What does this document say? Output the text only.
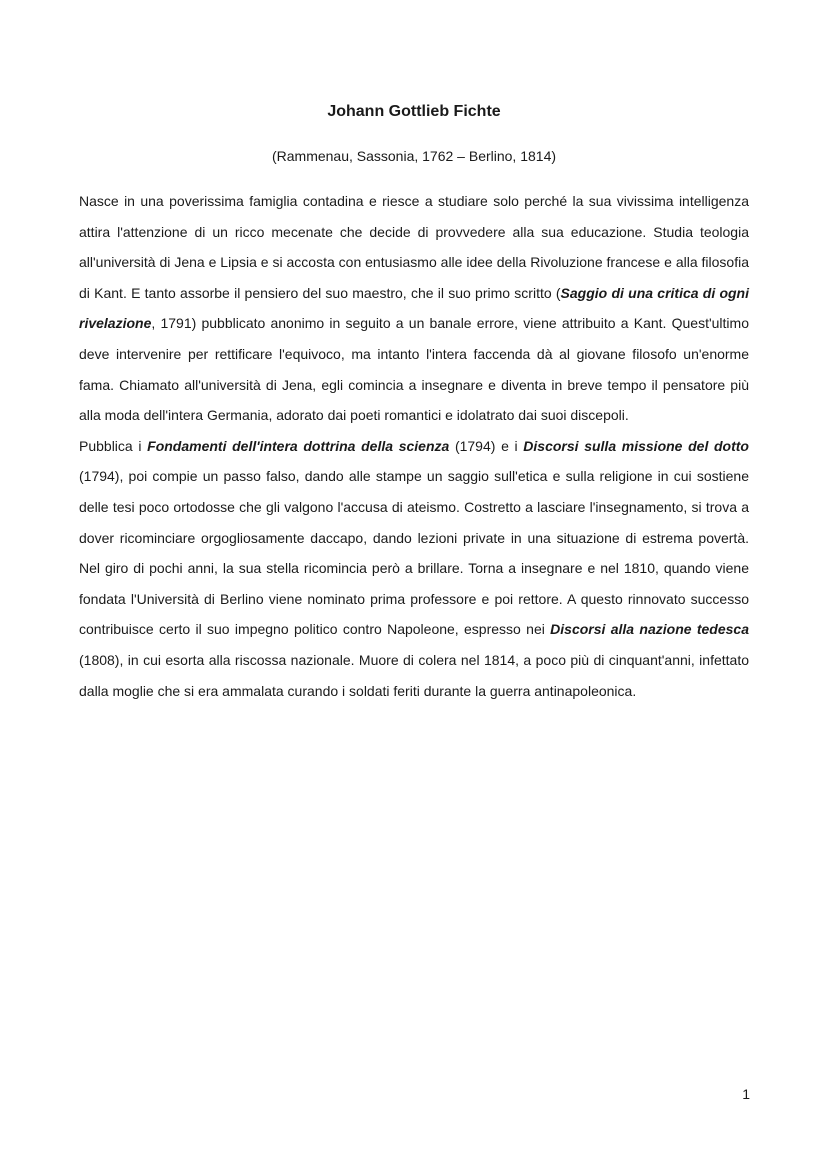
Johann Gottlieb Fichte

(Rammenau, Sassonia, 1762 – Berlino, 1814)

Nasce in una poverissima famiglia contadina e riesce a studiare solo perché la sua vivissima intelligenza attira l'attenzione di un ricco mecenate che decide di provvedere alla sua educazione. Studia teologia all'università di Jena e Lipsia e si accosta con entusiasmo alle idee della Rivoluzione francese e alla filosofia di Kant. E tanto assorbe il pensiero del suo maestro, che il suo primo scritto (Saggio di una critica di ogni rivelazione, 1791) pubblicato anonimo in seguito a un banale errore, viene attribuito a Kant. Quest'ultimo deve intervenire per rettificare l'equivoco, ma intanto l'intera faccenda dà al giovane filosofo un'enorme fama. Chiamato all'università di Jena, egli comincia a insegnare e diventa in breve tempo il pensatore più alla moda dell'intera Germania, adorato dai poeti romantici e idolatrato dai suoi discepoli.

Pubblica i Fondamenti dell'intera dottrina della scienza (1794) e i Discorsi sulla missione del dotto (1794), poi compie un passo falso, dando alle stampe un saggio sull'etica e sulla religione in cui sostiene delle tesi poco ortodosse che gli valgono l'accusa di ateismo. Costretto a lasciare l'insegnamento, si trova a dover ricominciare orgogliosamente daccapo, dando lezioni private in una situazione di estrema povertà. Nel giro di pochi anni, la sua stella ricomincia però a brillare. Torna a insegnare e nel 1810, quando viene fondata l'Università di Berlino viene nominato prima professore e poi rettore. A questo rinnovato successo contribuisce certo il suo impegno politico contro Napoleone, espresso nei Discorsi alla nazione tedesca (1808), in cui esorta alla riscossa nazionale. Muore di colera nel 1814, a poco più di cinquant'anni, infettato dalla moglie che si era ammalata curando i soldati feriti durante la guerra antinapoleonica.

1
